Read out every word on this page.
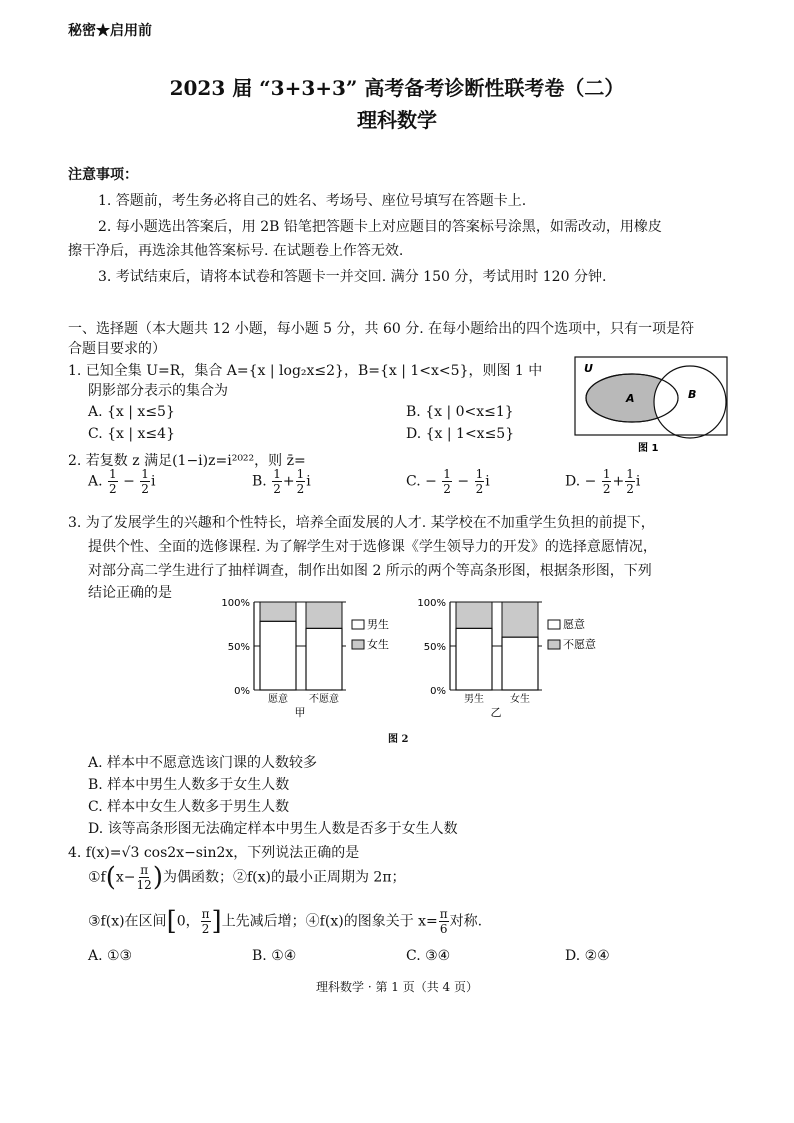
秘密★启用前
2023 届 “3+3+3” 高考备考诊断性联考卷（二）
理科数学
注意事项：
1. 答题前，考生务必将自己的姓名、考场号、座位号填写在答题卡上.
2. 每小题选出答案后，用 2B 铅笔把答题卡上对应题目的答案标号涂黑，如需改动，用橡皮
擦干净后，再选涂其他答案标号. 在试题卷上作答无效.
3. 考试结束后，请将本试卷和答题卡一并交回. 满分 150 分，考试用时 120 分钟.
一、选择题（本大题共 12 小题，每小题 5 分，共 60 分. 在每小题给出的四个选项中，只有一项是符
合题目要求的）
1. 已知全集 U=R，集合 A={x | log₂x≤2}，B={x | 1<x<5}，则图 1 中
阴影部分表示的集合为
A. {x | x≤5}	B. {x | 0<x≤1}
C. {x | x≤4}	D. {x | 1<x≤5}
U
A	B
图 1
2. 若复数 z 满足(1−i)z=i²⁰²²，则 z̄=
A. $\frac{1}{2} - \frac{1}{2}$ i	B. $\frac{1}{2} + \frac{1}{2}$ i	C. − $\frac{1}{2} - \frac{1}{2}$ i	D. − $\frac{1}{2} + \frac{1}{2}$ i
3. 为了发展学生的兴趣和个性特长，培养全面发展的人才. 某学校在不加重学生负担的前提下，
提供个性、全面的选修课程. 为了解学生对于选修课《学生领导力的开发》的选择意愿情况，
对部分高二学生进行了抽样调查，制作出如图 2 所示的两个等高条形图，根据条形图，下列
结论正确的是
100%
50%
0%
愿意 不愿意
甲
男生
女生
100%
50%
0%
男生	女生
乙
愿意
不愿意
图 2
A. 样本中不愿意选该门课的人数较多
B. 样本中男生人数多于女生人数
C. 样本中女生人数多于男生人数
D. 该等高条形图无法确定样本中男生人数是否多于女生人数
4. f(x)=√3 cos2x−sin2x，下列说法正确的是
①f(x− $\frac{\pi}{12}$ )为偶函数；②f(x)的最小正周期为 2π；
③f(x)在区间[0， $\frac{\pi}{2}$ ]上先减后增；④f(x)的图象关于 $x= \frac{\pi}{6}$ 对称.
A. ①③	B. ①④	C. ③④	D. ②④
理科数学 · 第 1 页（共 4 页）
